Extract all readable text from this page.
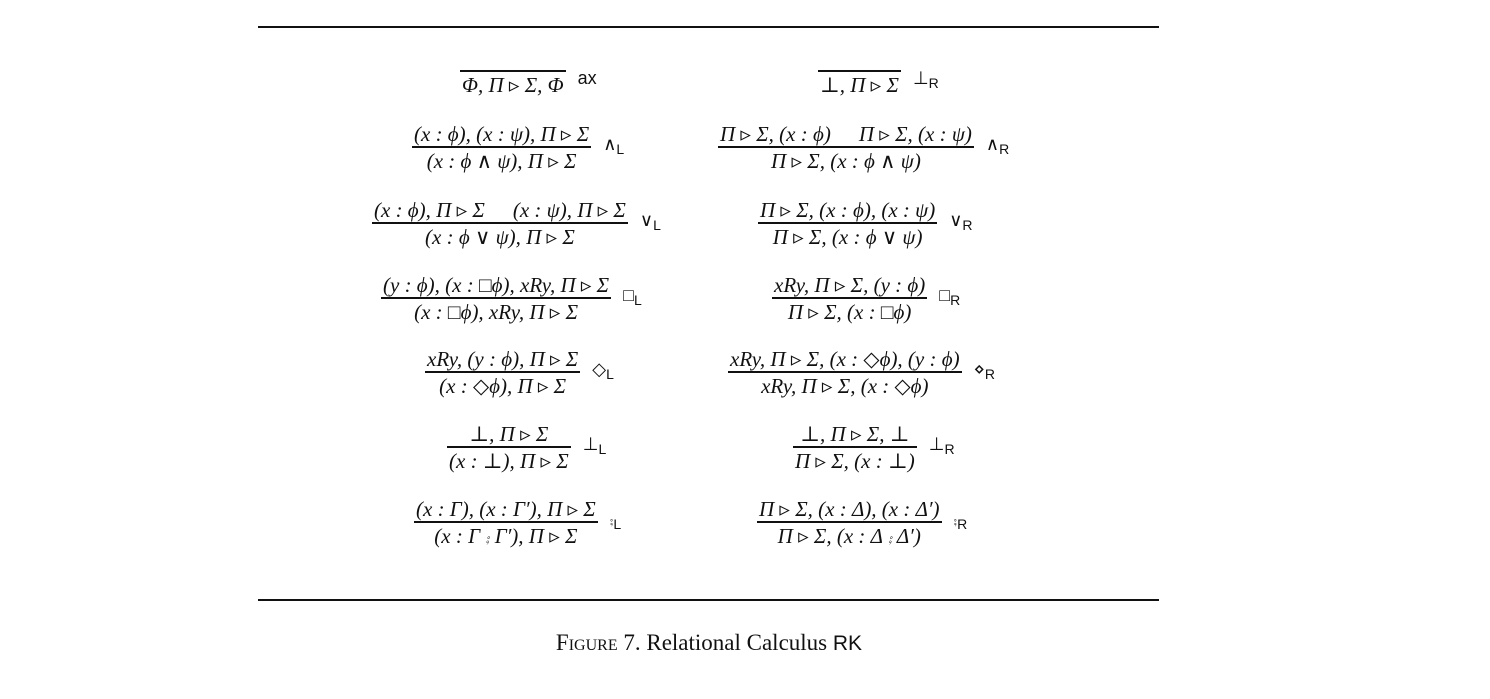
Φ, Π ▹ Σ, Φ ax	⊥, Π ▹ Σ $\perp_R$
$\frac{(x : \phi), (x : \psi), \Pi ▹ \Sigma}{(x : \phi \wedge \psi), \Pi ▹ \Sigma}$ $\wedge_L$	$\frac{\Pi ▹ \Sigma, (x : \phi) \Pi ▹ \Sigma, (x : \psi)}{\Pi ▹ \Sigma, (x : \phi \wedge \psi)}$ $\wedge_R$
$\frac{(x : \phi), \Pi ▹ \Sigma (x : \psi), \Pi ▹ \Sigma}{(x : \phi \vee \psi), \Pi ▹ \Sigma}$ $\vee_L$	$\frac{\Pi ▹ \Sigma, (x : \phi), (x : \psi)}{\Pi ▹ \Sigma, (x : \phi \vee \psi)}$ $\vee_R$
$\frac{\text{(y : ϕ), (x : □ϕ), xRy, Π ▹ Σ}}{\text{(x : □ϕ), xRy, Π ▹ Σ}}$ $□_L$	$\frac{\text{xRy, Π ▹ Σ, (y : ϕ)}}{\Pi ▹ \Sigma, (x : □\phi)}$ $□_R$
$\frac{\text{xRy, (y : ϕ), Π ▹ Σ}}{(x : ◇\phi), \Pi ▹ \Sigma}$ $◇_L$	$\frac{\text{xRy, Π ▹ Σ, (x : ◇ϕ), (y : ϕ)}}{\text{xRy, Π ▹ Σ, (x : ◇ϕ)}}$ $⋄_R$
$\frac{\perp, \Pi ▹ \Sigma}{(x : \perp), \Pi ▹ \Sigma}$ $\perp_L$	$\frac{\perp, \Pi ▹ \Sigma, \perp}{\Pi ▹ \Sigma, (x : \perp)}$ $\perp_R$
$\frac{(x : \Gamma), (x : \Gamma'), \Pi ▹ \Sigma}{(x : \Gamma ⨾ \Gamma'), \Pi ▹ \Sigma}$ $⨾_L$	$\frac{\Pi ▹ \Sigma, (x : \Delta), (x : \Delta')}{\Pi ▹ \Sigma, (x : \Delta ⨾ \Delta')}$ $⨾_R$
Figure 7. Relational Calculus RK
